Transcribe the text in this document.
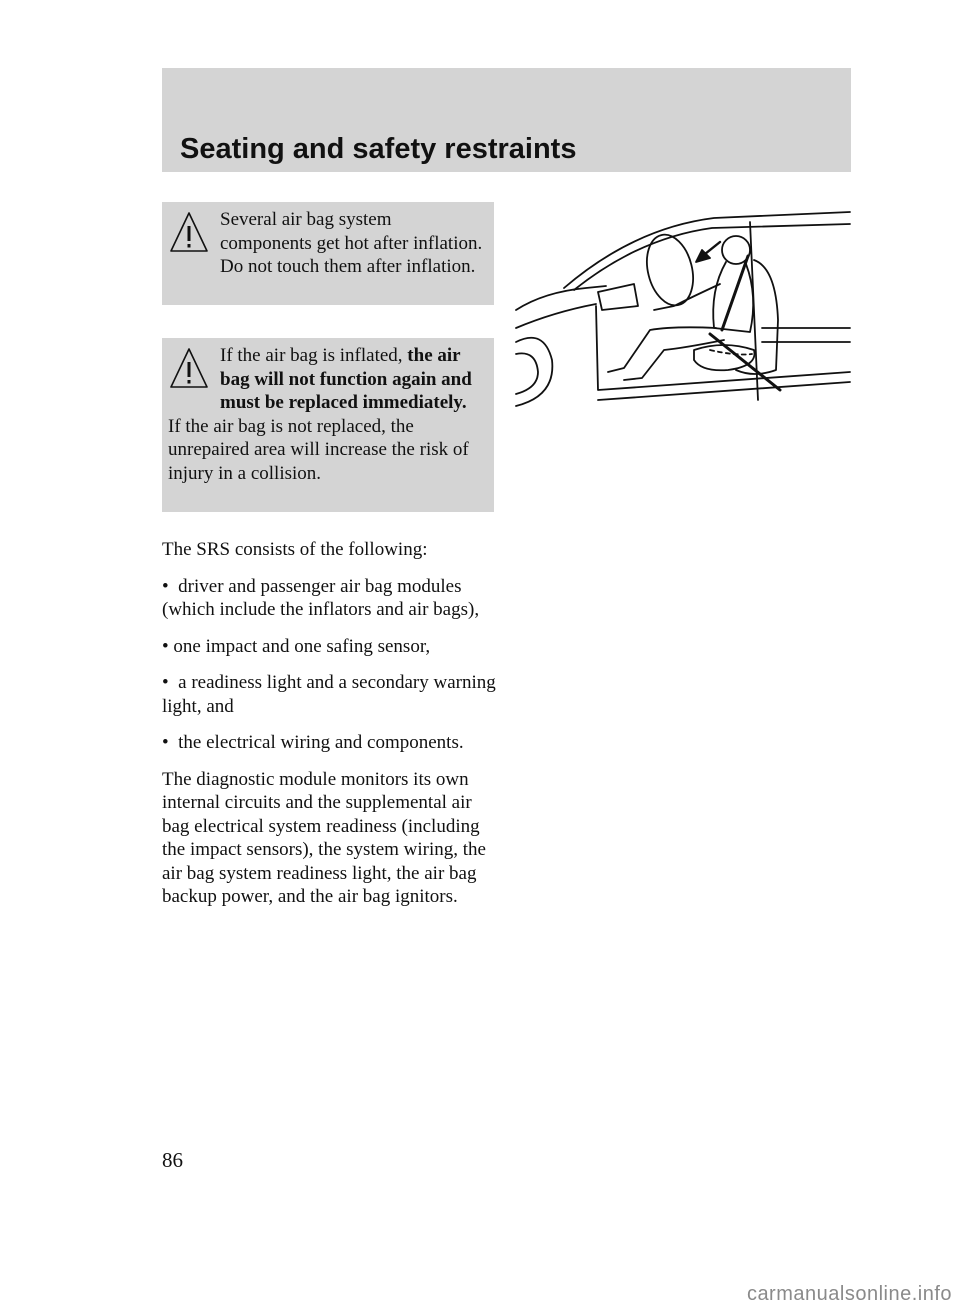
Seating and safety restraints

Several air bag system components get hot after inflation. Do not touch them after inflation.

If the air bag is inflated, the air bag will not function again and must be replaced immediately. If the air bag is not replaced, the unrepaired area will increase the risk of injury in a collision.

The SRS consists of the following:

•  driver and passenger air bag modules (which include the inflators and air bags),

• one impact and one safing sensor,

•  a readiness light and a secondary warning light, and

•  the electrical wiring and components.

The diagnostic module monitors its own internal circuits and the supplemental air bag electrical system readiness (including the impact sensors), the system wiring, the air bag system readiness light, the air bag backup power, and the air bag ignitors.

86
carmanualsonline.info
